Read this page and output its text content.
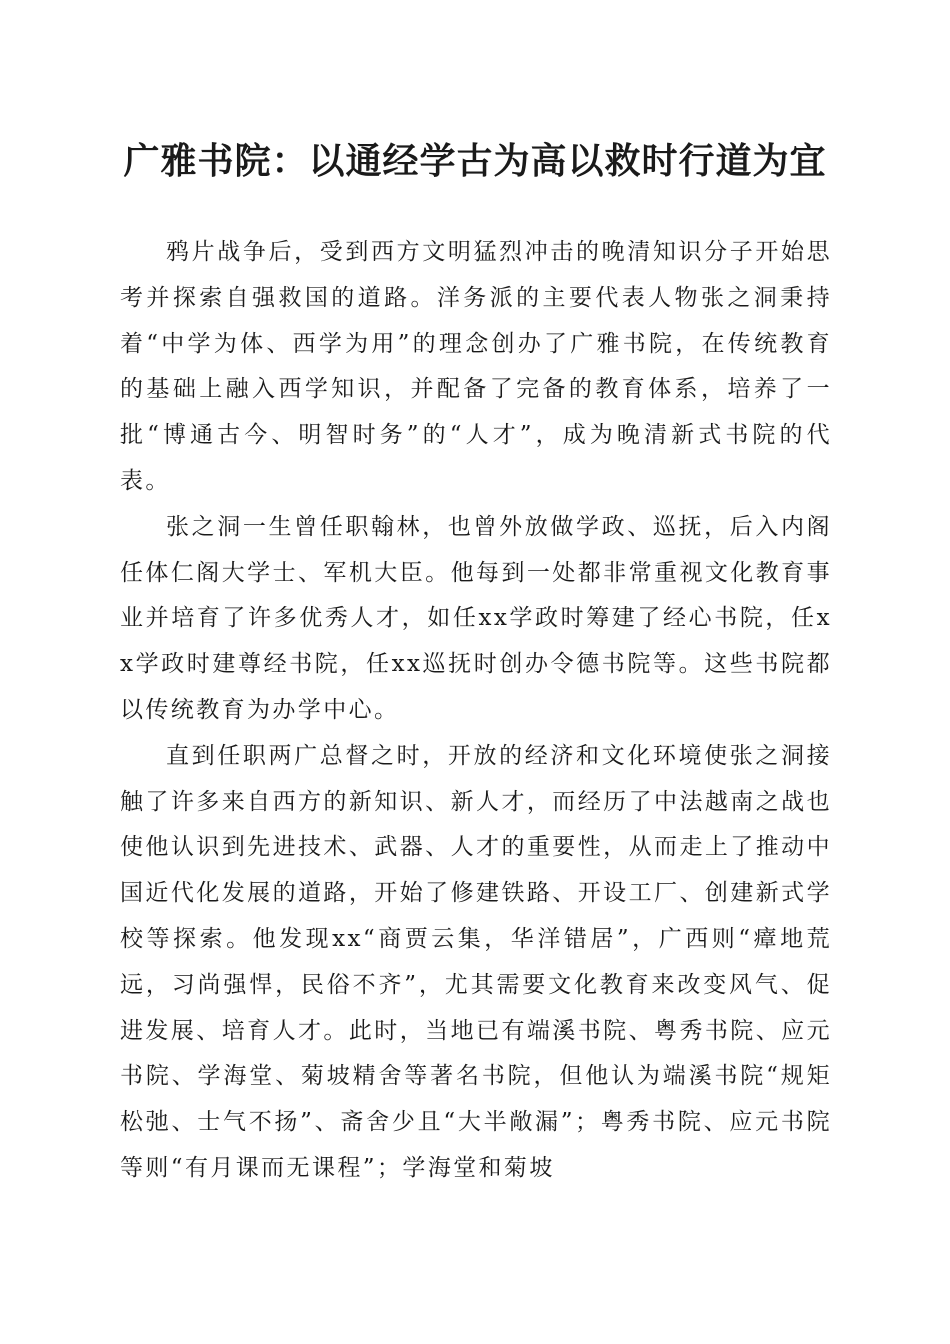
广雅书院：以通经学古为高以救时行道为宜

鸦片战争后，受到西方文明猛烈冲击的晚清知识分子开始思考并探索自强救国的道路。洋务派的主要代表人物张之洞秉持着“中学为体、西学为用”的理念创办了广雅书院，在传统教育的基础上融入西学知识，并配备了完备的教育体系，培养了一批“博通古今、明智时务”的“人才”，成为晚清新式书院的代表。

张之洞一生曾任职翰林，也曾外放做学政、巡抚，后入内阁任体仁阁大学士、军机大臣。他每到一处都非常重视文化教育事业并培育了许多优秀人才，如任xx学政时筹建了经心书院，任xx学政时建尊经书院，任xx巡抚时创办令德书院等。这些书院都以传统教育为办学中心。

直到任职两广总督之时，开放的经济和文化环境使张之洞接触了许多来自西方的新知识、新人才，而经历了中法越南之战也使他认识到先进技术、武器、人才的重要性，从而走上了推动中国近代化发展的道路，开始了修建铁路、开设工厂、创建新式学校等探索。他发现xx“商贾云集，华洋错居”，广西则“瘴地荒远，习尚强悍，民俗不齐”，尤其需要文化教育来改变风气、促进发展、培育人才。此时，当地已有端溪书院、粤秀书院、应元书院、学海堂、菊坡精舍等著名书院，但他认为端溪书院“规矩松弛、士气不扬”、斋舍少且“大半敞漏”；粤秀书院、应元书院等则“有月课而无课程”；学海堂和菊坡
